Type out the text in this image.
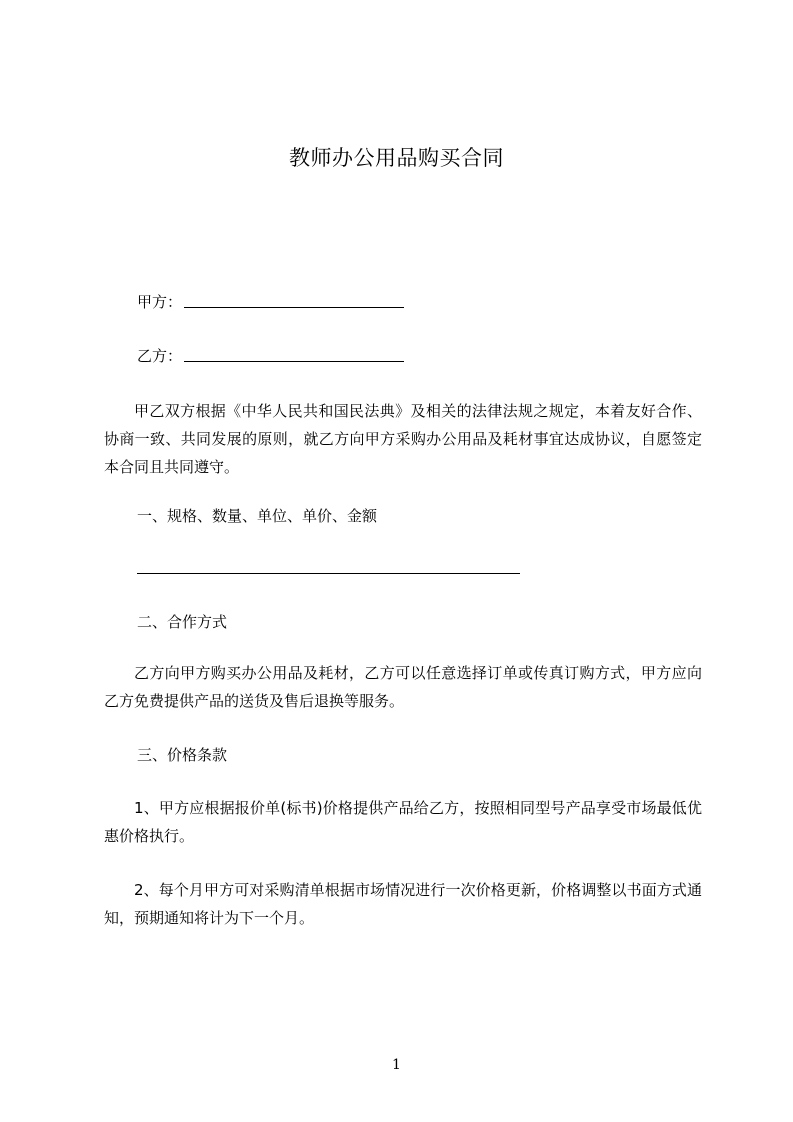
教师办公用品购买合同
甲方：
乙方：

甲乙双方根据《中华人民共和国民法典》及相关的法律法规之规定，本着友好合作、协商一致、共同发展的原则，就乙方向甲方采购办公用品及耗材事宜达成协议，自愿签定本合同且共同遵守。

一、规格、数量、单位、单价、金额
二、合作方式

乙方向甲方购买办公用品及耗材，乙方可以任意选择订单或传真订购方式，甲方应向乙方免费提供产品的送货及售后退换等服务。

三、价格条款

1、甲方应根据报价单(标书)价格提供产品给乙方，按照相同型号产品享受市场最低优惠价格执行。

2、每个月甲方可对采购清单根据市场情况进行一次价格更新，价格调整以书面方式通知，预期通知将计为下一个月。

1
